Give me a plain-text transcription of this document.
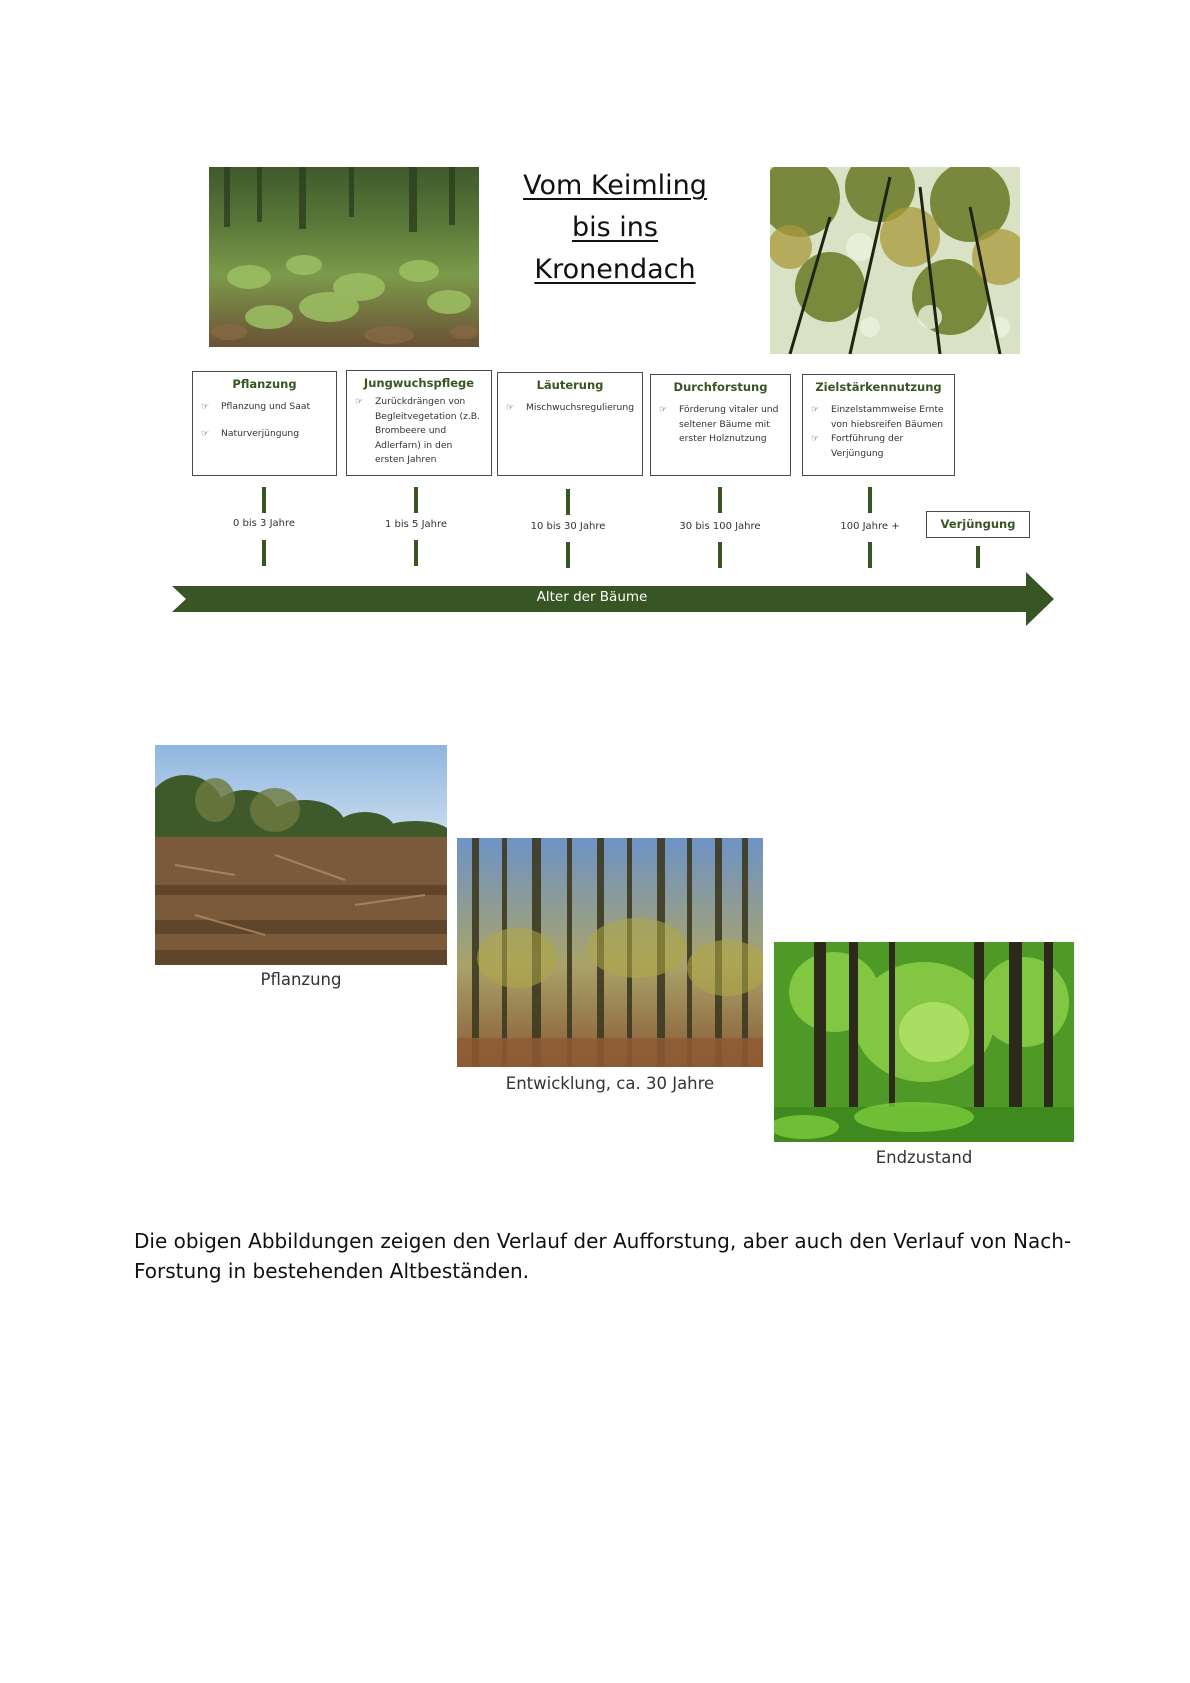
Vom Keimling
bis ins
Kronendach
Pflanzung
☞ Pflanzung und Saat
☞ Naturverjüngung
Jungwuchspflege
☞ Zurückdrängen von Begleitvegetation (z.B. Brombeere und Adlerfarn) in den ersten Jahren
Läuterung
☞ Mischwuchsregulierung
Durchforstung
☞ Förderung vitaler und seltener Bäume mit erster Holznutzung
Zielstärkennutzung
☞ Einzelstammweise Ernte von hiebsreifen Bäumen
☞ Fortführung der Verjüngung
0 bis 3 Jahre	1 bis 5 Jahre	10 bis 30 Jahre	30 bis 100 Jahre	100 Jahre +	Verjüngung
Alter der Bäume
Pflanzung
Entwicklung, ca. 30 Jahre
Endzustand
Die obigen Abbildungen zeigen den Verlauf der Aufforstung, aber auch den Verlauf von Nach-Forstung in bestehenden Altbeständen.
